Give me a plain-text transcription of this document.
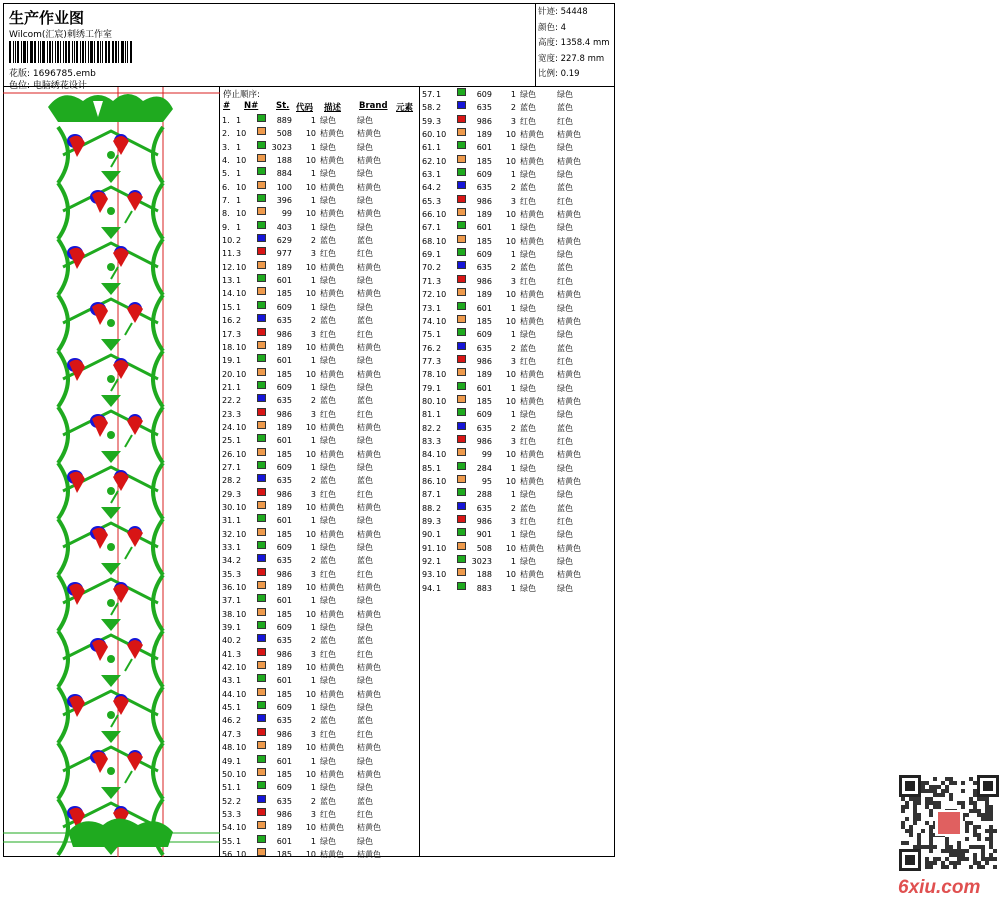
生产作业图
Wilcom(汇宸)刺绣工作室
花版: 1696785.emb
色位: 电脑绣花设计
针迹: 54448
颜色: 4
高度: 1358.4 mm
宽度: 227.8 mm
比例: 0.19
停止顺序:
# N# St. 代码 描述 Brand 元素
1. 1	889	1 绿色	绿色
2. 10	508	10 桔黄色 桔黄色
3. 1	3023	1 绿色	绿色
4. 10	188	10 桔黄色 桔黄色
5. 1	884	1 绿色	绿色
6. 10	100	10 桔黄色 桔黄色
7. 1	396	1 绿色	绿色
8. 10	99	10 桔黄色 桔黄色
9. 1	403	1 绿色	绿色
10. 2	629	2 蓝色	蓝色
11. 3	977	3 红色	红色
12. 10	189	10 桔黄色 桔黄色
13. 1	601	1 绿色	绿色
14. 10	185	10 桔黄色 桔黄色
15. 1	609	1 绿色	绿色
16. 2	635	2 蓝色	蓝色
17. 3	986	3 红色	红色
18. 10	189	10 桔黄色 桔黄色
19. 1	601	1 绿色	绿色
20. 10	185	10 桔黄色 桔黄色
21. 1	609	1 绿色	绿色
22. 2	635	2 蓝色	蓝色
23. 3	986	3 红色	红色
24. 10	189	10 桔黄色 桔黄色
25. 1	601	1 绿色	绿色
26. 10	185	10 桔黄色 桔黄色
27. 1	609	1 绿色	绿色
28. 2	635	2 蓝色	蓝色
29. 3	986	3 红色	红色
30. 10	189	10 桔黄色 桔黄色
31. 1	601	1 绿色	绿色
32. 10	185	10 桔黄色 桔黄色
33. 1	609	1 绿色	绿色
34. 2	635	2 蓝色	蓝色
35. 3	986	3 红色	红色
36. 10	189	10 桔黄色 桔黄色
37. 1	601	1 绿色	绿色
38. 10	185	10 桔黄色 桔黄色
39. 1	609	1 绿色	绿色
40. 2	635	2 蓝色	蓝色
41. 3	986	3 红色	红色
42. 10	189	10 桔黄色 桔黄色
43. 1	601	1 绿色	绿色
44. 10	185	10 桔黄色 桔黄色
45. 1	609	1 绿色	绿色
46. 2	635	2 蓝色	蓝色
47. 3	986	3 红色	红色
48. 10	189	10 桔黄色 桔黄色
49. 1	601	1 绿色	绿色
50. 10	185	10 桔黄色 桔黄色
51. 1	609	1 绿色	绿色
52. 2	635	2 蓝色	蓝色
53. 3	986	3 红色	红色
54. 10	189	10 桔黄色 桔黄色
55. 1	601	1 绿色	绿色
56. 10	185	10 桔黄色 桔黄色
57. 1	609	1 绿色	绿色
58. 2	635	2 蓝色	蓝色
59. 3	986	3 红色	红色
60. 10	189	10 桔黄色 桔黄色
61. 1	601	1 绿色	绿色
62. 10	185	10 桔黄色 桔黄色
63. 1	609	1 绿色	绿色
64. 2	635	2 蓝色	蓝色
65. 3	986	3 红色	红色
66. 10	189	10 桔黄色 桔黄色
67. 1	601	1 绿色	绿色
68. 10	185	10 桔黄色 桔黄色
69. 1	609	1 绿色	绿色
70. 2	635	2 蓝色	蓝色
71. 3	986	3 红色	红色
72. 10	189	10 桔黄色 桔黄色
73. 1	601	1 绿色	绿色
74. 10	185	10 桔黄色 桔黄色
75. 1	609	1 绿色	绿色
76. 2	635	2 蓝色	蓝色
77. 3	986	3 红色	红色
78. 10	189	10 桔黄色 桔黄色
79. 1	601	1 绿色	绿色
80. 10	185	10 桔黄色 桔黄色
81. 1	609	1 绿色	绿色
82. 2	635	2 蓝色	蓝色
83. 3	986	3 红色	红色
84. 10	99	10 桔黄色 桔黄色
85. 1	284	1 绿色	绿色
86. 10	95	10 桔黄色 桔黄色
87. 1	288	1 绿色	绿色
88. 2	635	2 蓝色	蓝色
89. 3	986	3 红色	红色
90. 1	901	1 绿色	绿色
91. 10	508	10 桔黄色 桔黄色
92. 1	3023	1 绿色	绿色
93. 10	188	10 桔黄色 桔黄色
94. 1	883	1 绿色	绿色
6xiu.com
